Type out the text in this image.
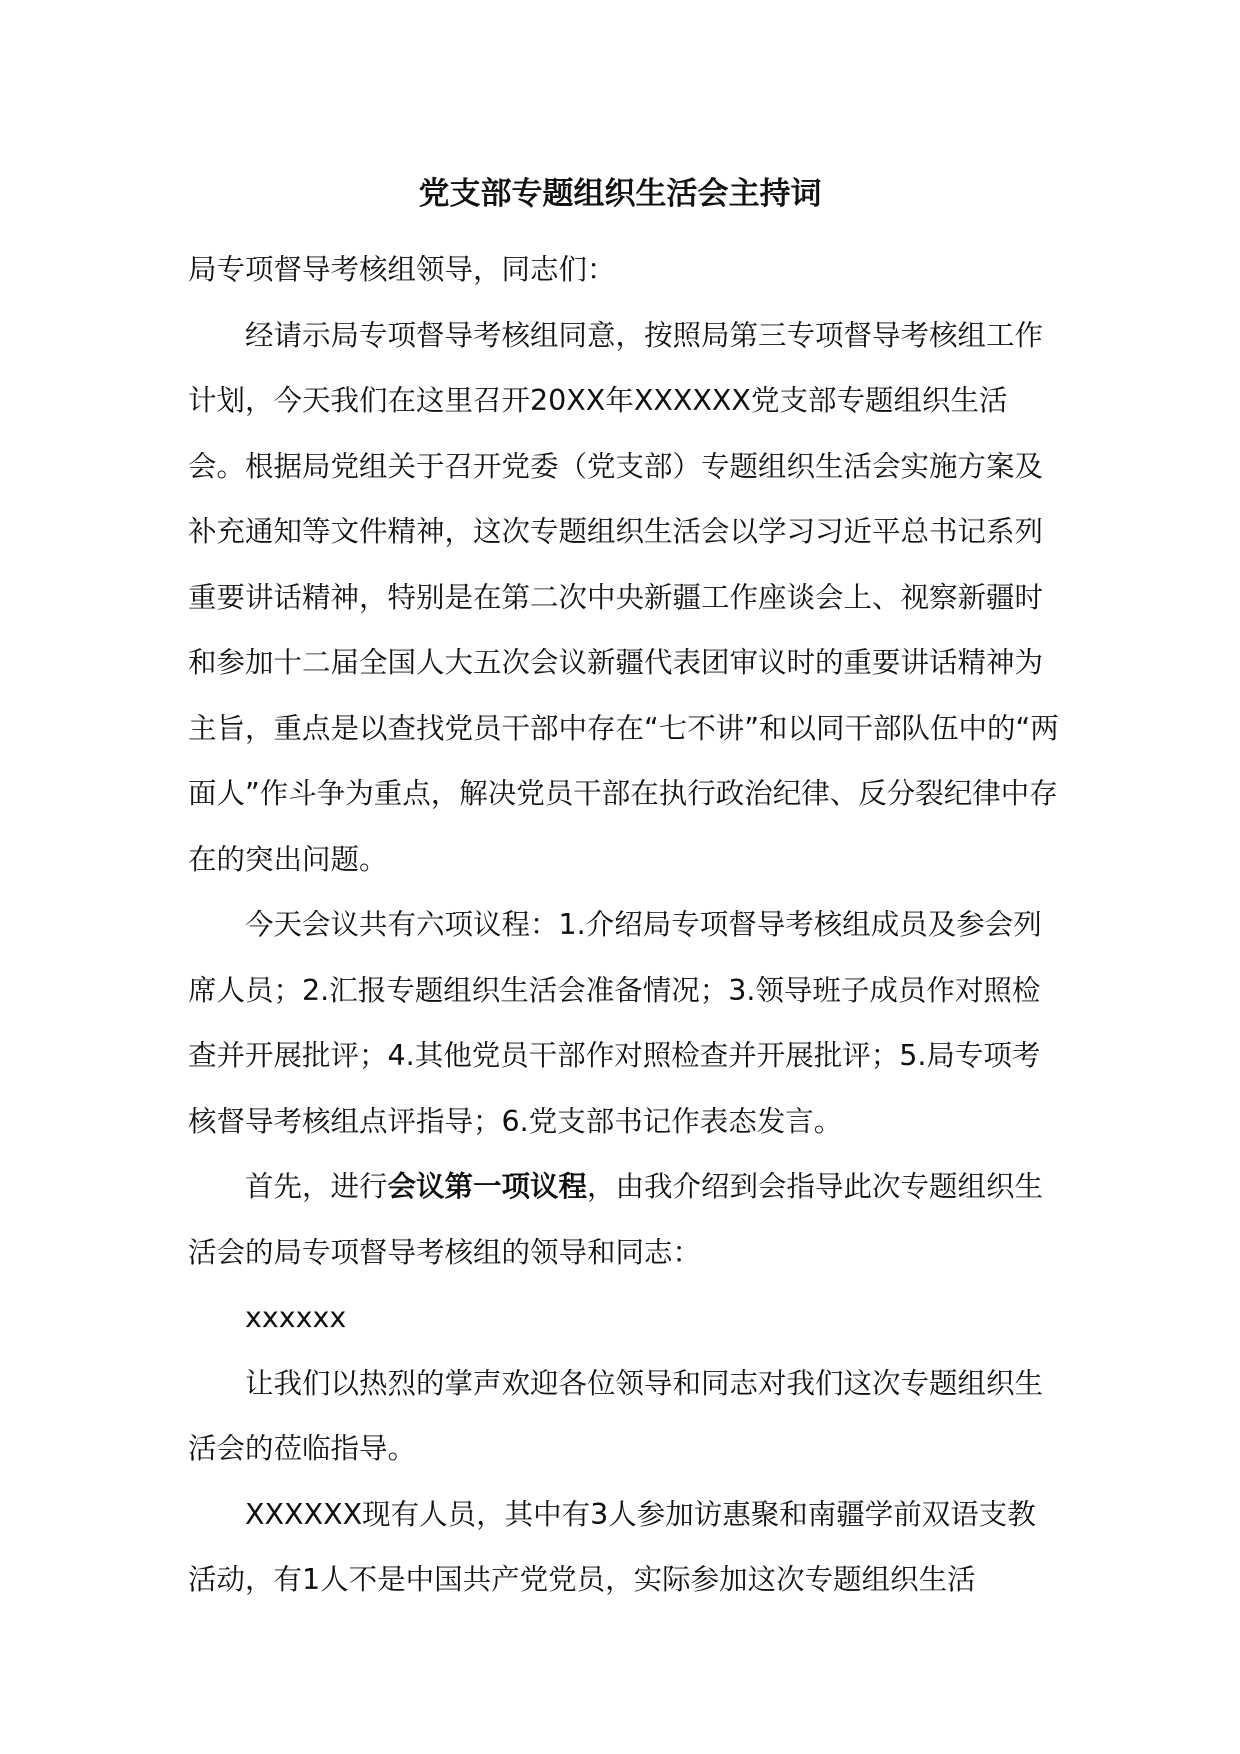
党支部专题组织生活会主持词

局专项督导考核组领导，同志们：

经请示局专项督导考核组同意，按照局第三专项督导考核组工作计划，今天我们在这里召开20XX年XXXXXX党支部专题组织生活会。根据局党组关于召开党委（党支部）专题组织生活会实施方案及补充通知等文件精神，这次专题组织生活会以学习习近平总书记系列重要讲话精神，特别是在第二次中央新疆工作座谈会上、视察新疆时和参加十二届全国人大五次会议新疆代表团审议时的重要讲话精神为主旨，重点是以查找党员干部中存在“七不讲”和以同干部队伍中的“两面人”作斗争为重点，解决党员干部在执行政治纪律、反分裂纪律中存在的突出问题。

今天会议共有六项议程：1.介绍局专项督导考核组成员及参会列席人员；2.汇报专题组织生活会准备情况；3.领导班子成员作对照检查并开展批评；4.其他党员干部作对照检查并开展批评；5.局专项考核督导考核组点评指导；6.党支部书记作表态发言。

首先，进行会议第一项议程，由我介绍到会指导此次专题组织生活会的局专项督导考核组的领导和同志：

xxxxxx

让我们以热烈的掌声欢迎各位领导和同志对我们这次专题组织生活会的莅临指导。

XXXXXX现有人员，其中有3人参加访惠聚和南疆学前双语支教活动，有1人不是中国共产党党员，实际参加这次专题组织生活
